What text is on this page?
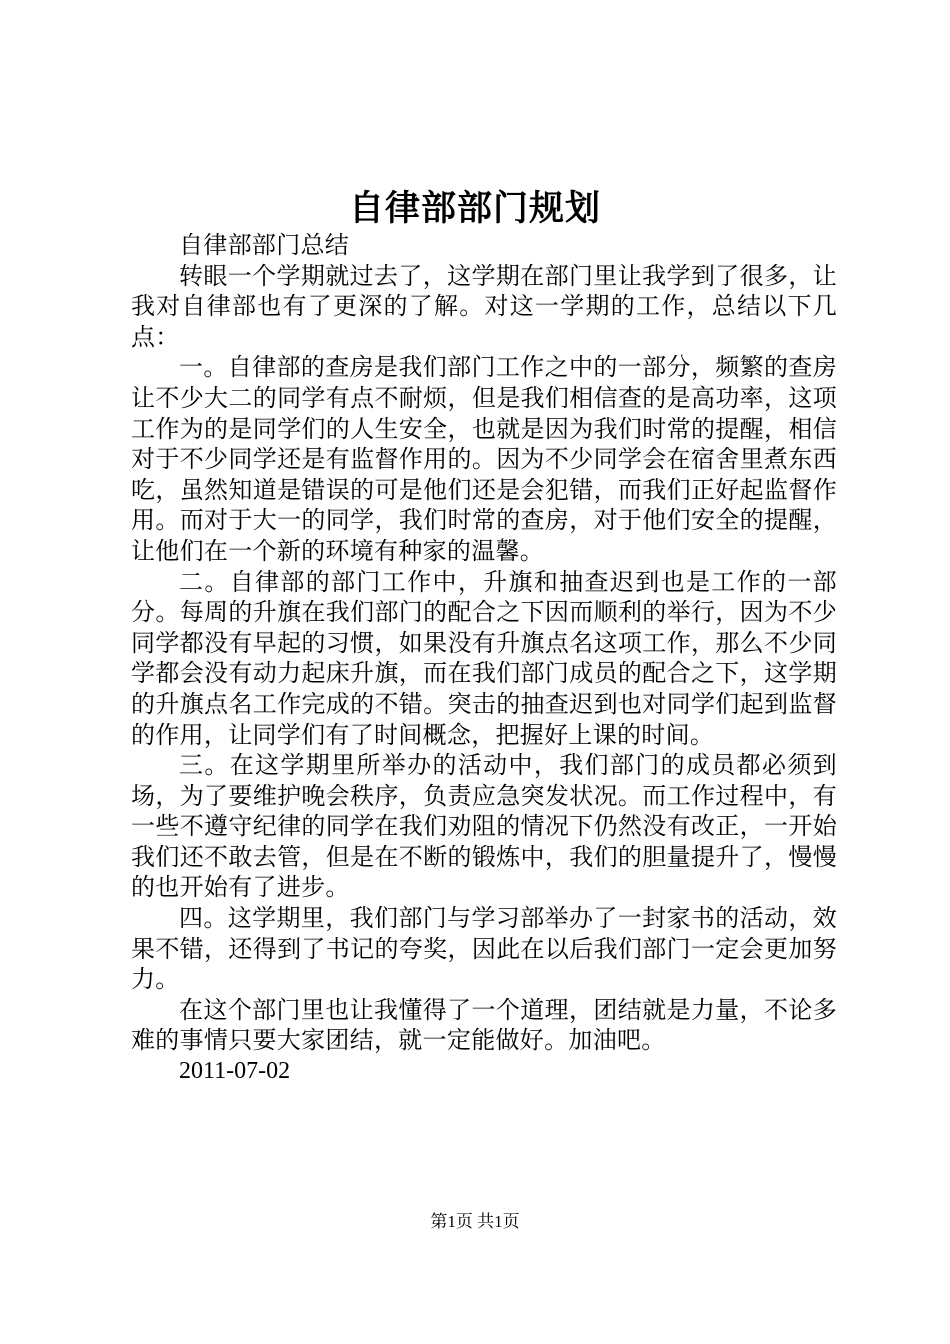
自律部部门规划

自律部部门总结

转眼一个学期就过去了，这学期在部门里让我学到了很多，让我对自律部也有了更深的了解。对这一学期的工作，总结以下几点：

一。自律部的查房是我们部门工作之中的一部分，频繁的查房让不少大二的同学有点不耐烦，但是我们相信查的是高功率，这项工作为的是同学们的人生安全，也就是因为我们时常的提醒，相信对于不少同学还是有监督作用的。因为不少同学会在宿舍里煮东西吃，虽然知道是错误的可是他们还是会犯错，而我们正好起监督作用。而对于大一的同学，我们时常的查房，对于他们安全的提醒，让他们在一个新的环境有种家的温馨。

二。自律部的部门工作中，升旗和抽查迟到也是工作的一部分。每周的升旗在我们部门的配合之下因而顺利的举行，因为不少同学都没有早起的习惯，如果没有升旗点名这项工作，那么不少同学都会没有动力起床升旗，而在我们部门成员的配合之下，这学期的升旗点名工作完成的不错。突击的抽查迟到也对同学们起到监督的作用，让同学们有了时间概念，把握好上课的时间。

三。在这学期里所举办的活动中，我们部门的成员都必须到场，为了要维护晚会秩序，负责应急突发状况。而工作过程中，有一些不遵守纪律的同学在我们劝阻的情况下仍然没有改正，一开始我们还不敢去管，但是在不断的锻炼中，我们的胆量提升了，慢慢的也开始有了进步。

四。这学期里，我们部门与学习部举办了一封家书的活动，效果不错，还得到了书记的夸奖，因此在以后我们部门一定会更加努力。

在这个部门里也让我懂得了一个道理，团结就是力量，不论多难的事情只要大家团结，就一定能做好。加油吧。

2011-07-02

第1页 共1页
